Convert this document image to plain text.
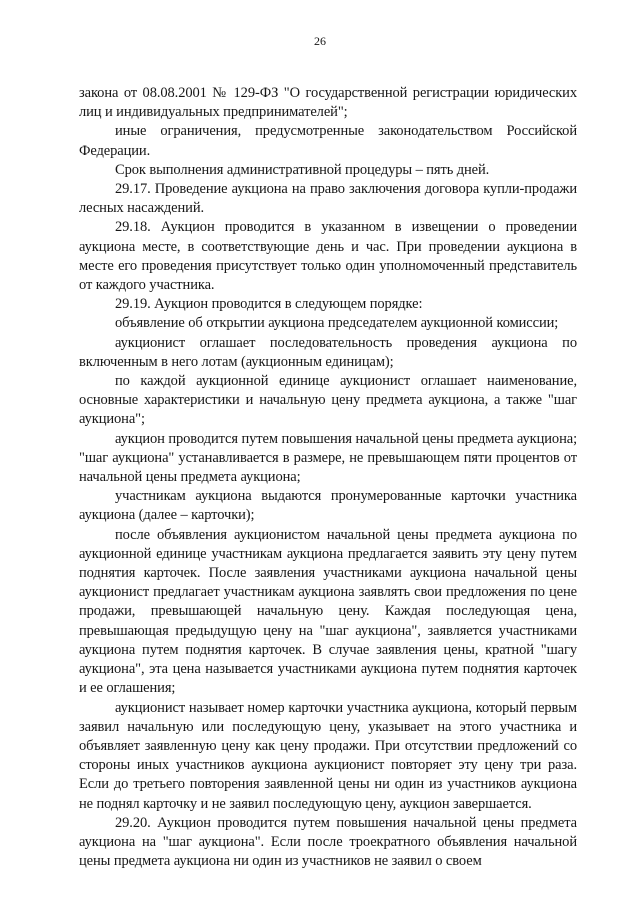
26

закона от 08.08.2001 № 129-ФЗ "О государственной регистрации юридических лиц и индивидуальных предпринимателей";

иные ограничения, предусмотренные законодательством Российской Федерации.

Срок выполнения административной процедуры – пять дней.

29.17. Проведение аукциона на право заключения договора купли-продажи лесных насаждений.

29.18. Аукцион проводится в указанном в извещении о проведении аукциона месте, в соответствующие день и час. При проведении аукциона в месте его проведения присутствует только один уполномоченный представитель от каждого участника.

29.19. Аукцион проводится в следующем порядке:

объявление об открытии аукциона председателем аукционной комиссии;

аукционист оглашает последовательность проведения аукциона по включенным в него лотам (аукционным единицам);

по каждой аукционной единице аукционист оглашает наименование, основные характеристики и начальную цену предмета аукциона, а также "шаг аукциона";

аукцион проводится путем повышения начальной цены предмета аукциона; "шаг аукциона" устанавливается в размере, не превышающем пяти процентов от начальной цены предмета аукциона;

участникам аукциона выдаются пронумерованные карточки участника аукциона (далее – карточки);

после объявления аукционистом начальной цены предмета аукциона по аукционной единице участникам аукциона предлагается заявить эту цену путем поднятия карточек. После заявления участниками аукциона начальной цены аукционист предлагает участникам аукциона заявлять свои предложения по цене продажи, превышающей начальную цену. Каждая последующая цена, превышающая предыдущую цену на "шаг аукциона", заявляется участниками аукциона путем поднятия карточек. В случае заявления цены, кратной "шагу аукциона", эта цена называется участниками аукциона путем поднятия карточек и ее оглашения;

аукционист называет номер карточки участника аукциона, который первым заявил начальную или последующую цену, указывает на этого участника и объявляет заявленную цену как цену продажи. При отсутствии предложений со стороны иных участников аукциона аукционист повторяет эту цену три раза. Если до третьего повторения заявленной цены ни один из участников аукциона не поднял карточку и не заявил последующую цену, аукцион завершается.

29.20. Аукцион проводится путем повышения начальной цены предмета аукциона на "шаг аукциона". Если после троекратного объявления начальной цены предмета аукциона ни один из участников не заявил о своем
